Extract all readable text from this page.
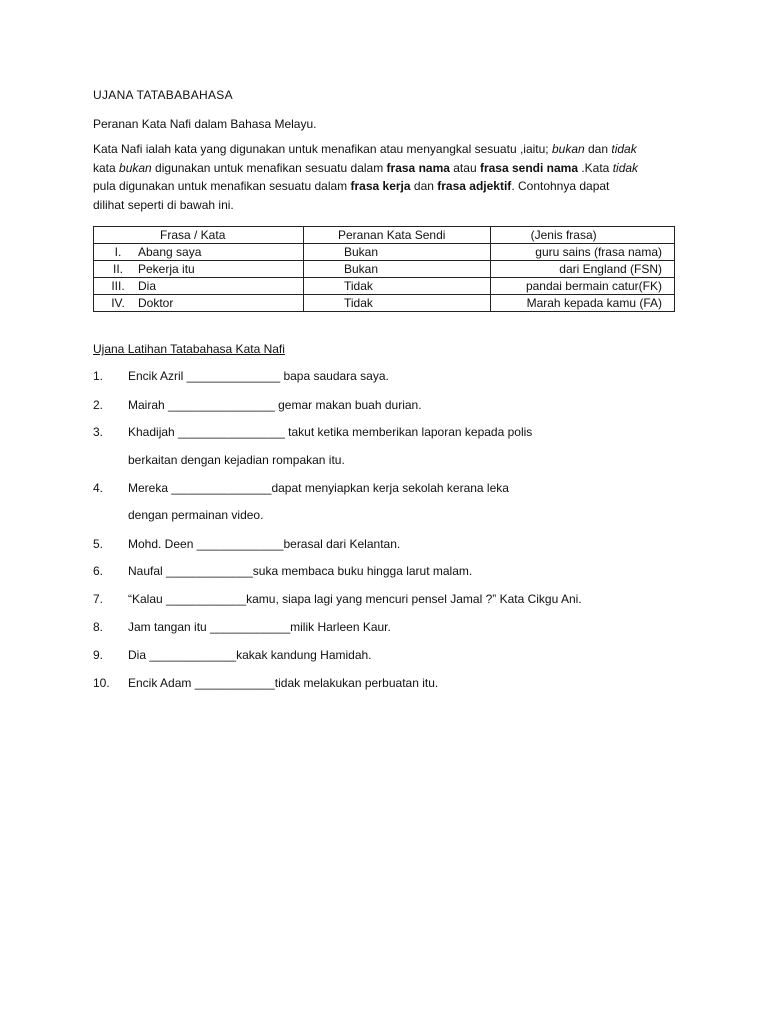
UJANA TATABABAHASA
Peranan Kata Nafi dalam Bahasa Melayu.
Kata Nafi ialah kata yang digunakan untuk menafikan atau menyangkal sesuatu ,iaitu; bukan dan tidak
kata bukan digunakan untuk menafikan sesuatu dalam frasa nama atau frasa sendi nama .Kata tidak
pula digunakan untuk menafikan sesuatu dalam frasa kerja dan frasa adjektif. Contohnya dapat
dilihat seperti di bawah ini.
Frasa / Kata	Peranan Kata Sendi	(Jenis frasa)
I. Abang saya	Bukan	guru sains (frasa nama)
II. Pekerja itu	Bukan	dari England (FSN)
III. Dia	Tidak	pandai bermain catur(FK)
IV. Doktor	Tidak	Marah kepada kamu (FA)
Ujana Latihan Tatabahasa Kata Nafi
1. Encik Azril ______________ bapa saudara saya.
2. Mairah ________________ gemar makan buah durian.
3. Khadijah ________________ takut ketika memberikan laporan kepada polis
berkaitan dengan kejadian rompakan itu.
4. Mereka _______________dapat menyiapkan kerja sekolah kerana leka
dengan permainan video.
5. Mohd. Deen _____________berasal dari Kelantan.
6. Naufal _____________suka membaca buku hingga larut malam.
7. “Kalau ____________kamu, siapa lagi yang mencuri pensel Jamal ?” Kata Cikgu Ani.
8. Jam tangan itu ____________milik Harleen Kaur.
9. Dia _____________kakak kandung Hamidah.
10. Encik Adam ____________tidak melakukan perbuatan itu.
